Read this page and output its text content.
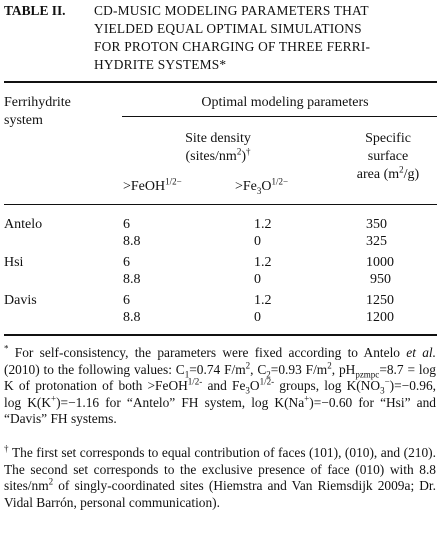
TABLE II. CD-MUSIC MODELING PARAMETERS THAT
YIELDED EQUAL OPTIMAL SIMULATIONS
FOR PROTON CHARGING OF THREE FERRI-
HYDRITE SYSTEMS*
Ferrihydrite
system
Optimal modeling parameters
Site density
$(sites/nm^2)^\dagger$
Specific
surface
area $(m^2/g)$
>FeOH$^{1/2-}$	$>Fe_3O^{1/2-}$
Antelo	6	1.2	350
8.8	0	325
Hsi	6	1.2	1000
8.8	0	950
Davis	6	1.2	1250
8.8	0	1200
* For self-consistency, the parameters were fixed according to Antelo et al. (2010) to the following values: $C_1=0.74$ $F/m^2$, $C_2=0.93$ $F/m^2$, $pH_{pzmpc}=8.7 = \log K$ of protonation of both >FeOH$^{1/2-}$ and $Fe_3O^{1/2-}$ groups, $\log K(NO_3^-)=-0.96$, log K(K+)=−1.16 for “Antelo” FH system, log K(Na+)=−0.60 for “Hsi” and “Davis” FH systems.
† The first set corresponds to equal contribution of faces (101), (010), and (210). The second set corresponds to the exclusive presence of face (010) with 8.8 sites/$nm^2$ of singly-coordinated sites (Hiemstra and Van Riemsdijk 2009a; Dr. Vidal Barrón, personal communication).
